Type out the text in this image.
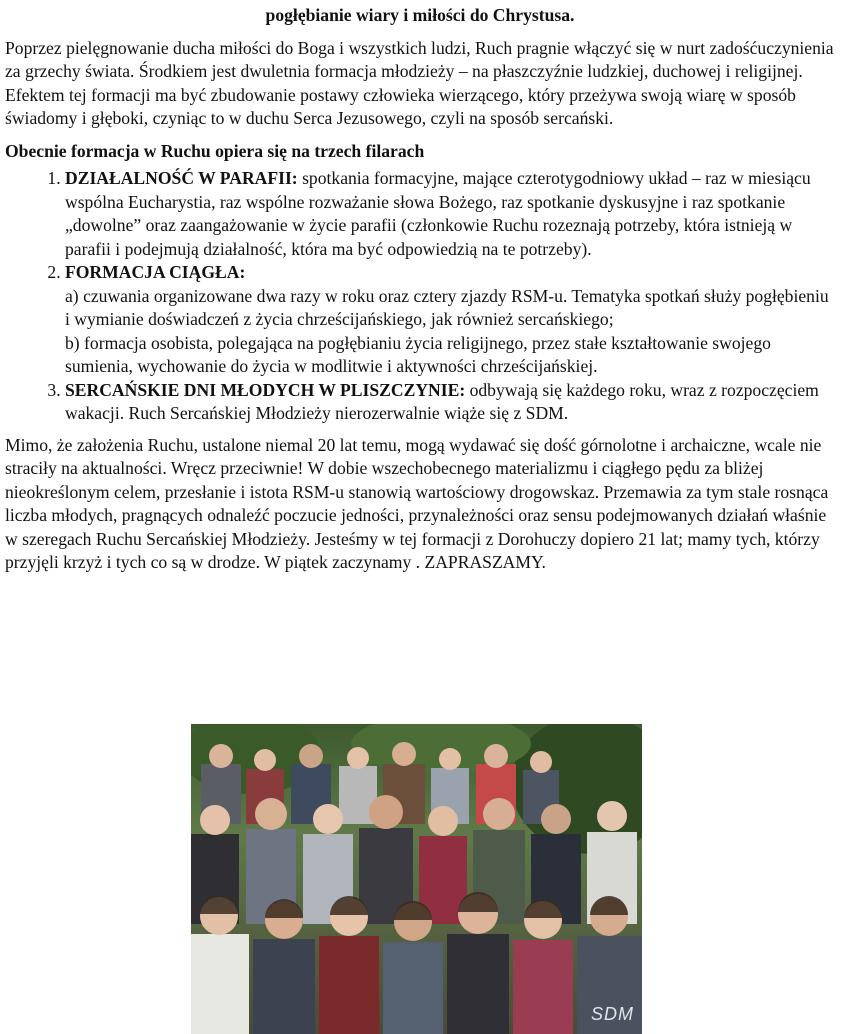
pogłębianie wiary i miłości do Chrystusa.

Poprzez pielęgnowanie ducha miłości do Boga i wszystkich ludzi, Ruch pragnie włączyć się w nurt zadośćuczynienia za grzechy świata. Środkiem jest dwuletnia formacja młodzieży – na płaszczyźnie ludzkiej, duchowej i religijnej. Efektem tej formacji ma być zbudowanie postawy człowieka wierzącego, który przeżywa swoją wiarę w sposób świadomy i głęboki, czyniąc to w duchu Serca Jezusowego, czyli na sposób sercański.

Obecnie formacja w Ruchu opiera się na trzech filarach
1. DZIAŁALNOŚĆ W PARAFII: spotkania formacyjne, mające czterotygodniowy układ – raz w miesiącu wspólna Eucharystia, raz wspólne rozważanie słowa Bożego, raz spotkanie dyskusyjne i raz spotkanie „dowolne” oraz zaangażowanie w życie parafii (członkowie Ruchu rozeznają potrzeby, która istnieją w parafii i podejmują działalność, która ma być odpowiedzią na te potrzeby).
2. FORMACJA CIĄGŁA:
a) czuwania organizowane dwa razy w roku oraz cztery zjazdy RSM-u. Tematyka spotkań służy pogłębieniu i wymianie doświadczeń z życia chrześcijańskiego, jak również sercańskiego;
b) formacja osobista, polegająca na pogłębianiu życia religijnego, przez stałe kształtowanie swojego sumienia, wychowanie do życia w modlitwie i aktywności chrześcijańskiej.
3. SERCAŃSKIE DNI MŁODYCH W PLISZCZYNIE: odbywają się każdego roku, wraz z rozpoczęciem wakacji. Ruch Sercańskiej Młodzieży nierozerwalnie wiąże się z SDM.

Mimo, że założenia Ruchu, ustalone niemal 20 lat temu, mogą wydawać się dość górnolotne i archaiczne, wcale nie straciły na aktualności. Wręcz przeciwnie! W dobie wszechobecnego materializmu i ciągłego pędu za bliżej nieokreślonym celem, przesłanie i istota RSM-u stanowią wartościowy drogowskaz. Przemawia za tym stale rosnąca liczba młodych, pragnących odnaleźć poczucie jedności, przynależności oraz sensu podejmowanych działań właśnie w szeregach Ruchu Sercańskiej Młodzieży. Jesteśmy w tej formacji z Dorohuczy dopiero 21 lat; mamy tych, którzy przyjęli krzyż i tych co są w drodze. W piątek zaczynamy . ZAPRASZAMY.

SDM
